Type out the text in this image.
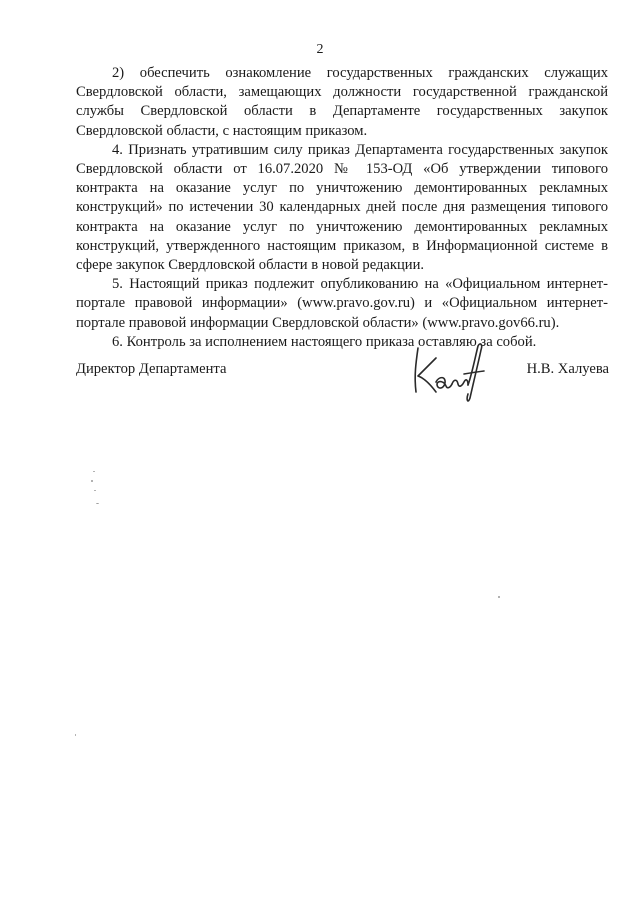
2

2) обеспечить ознакомление государственных гражданских служащих Свердловской области, замещающих должности государственной гражданской службы Свердловской области в Департаменте государственных закупок Свердловской области, с настоящим приказом.

4. Признать утратившим силу приказ Департамента государственных закупок Свердловской области от 16.07.2020 № 153-ОД «Об утверждении типового контракта на оказание услуг по уничтожению демонтированных рекламных конструкций» по истечении 30 календарных дней после дня размещения типового контракта на оказание услуг по уничтожению демонтированных рекламных конструкций, утвержденного настоящим приказом, в Информационной системе в сфере закупок Свердловской области в новой редакции.

5. Настоящий приказ подлежит опубликованию на «Официальном интернет-портале правовой информации» (www.pravo.gov.ru) и «Официальном интернет-портале правовой информации Свердловской области» (www.pravo.gov66.ru).

6. Контроль за исполнением настоящего приказа оставляю за собой.

Директор Департамента	Н.В. Халуева
